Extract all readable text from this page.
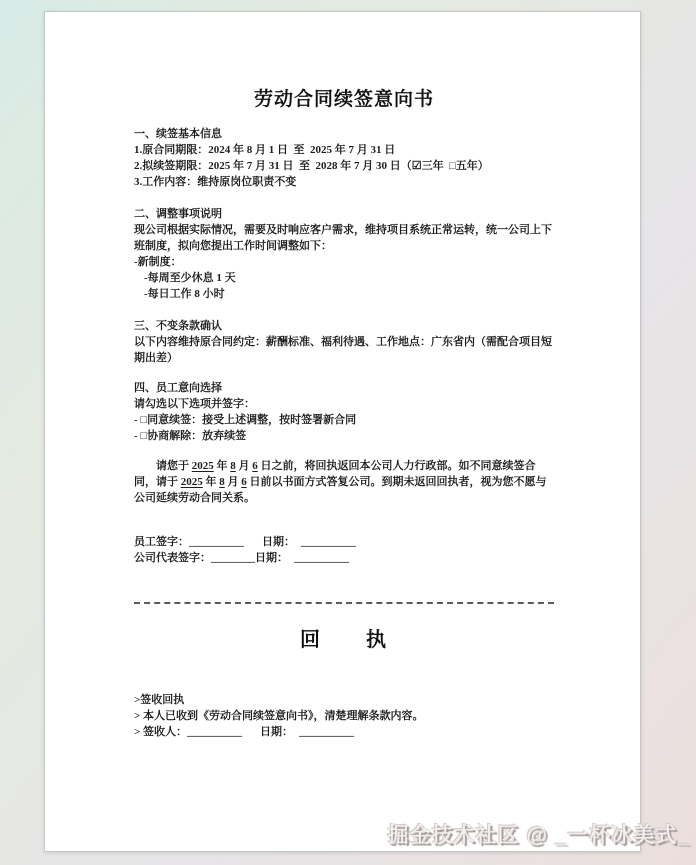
劳动合同续签意向书
一、续签基本信息
1.原合同期限：2024 年 8 月 1 日  至  2025 年 7 月 31 日
2.拟续签期限：2025 年 7 月 31 日  至  2028 年 7 月 30 日（☑三年  □五年）
3.工作内容：维持原岗位职责不变
二、调整事项说明

现公司根据实际情况，需要及时响应客户需求，维持项目系统正常运转，统一公司上下班制度，拟向您提出工作时间调整如下：

-新制度：
-每周至少休息 1 天
-每日工作 8 小时
三、不变条款确认

以下内容维持原合同约定：薪酬标准、福利待遇、工作地点：广东省内（需配合项目短期出差）

四、员工意向选择
请勾选以下选项并签字：
- □同意续签：接受上述调整，按时签署新合同
- □协商解除：放弃续签

请您于 2025 年 8 月 6 日之前，将回执返回本公司人力行政部。如不同意续签合同，请于 2025 年 8 月 6 日前以书面方式答复公司。到期未返回回执者，视为您不愿与公司延续劳动合同关系。

员工签字：__________ 日期： __________
公司代表签字：________日期： __________
回　　执
>签收回执
> 本人已收到《劳动合同续签意向书》，清楚理解条款内容。
> 签收人：__________ 日期： __________
掘金技术社区 @ _一杯冰美式_
